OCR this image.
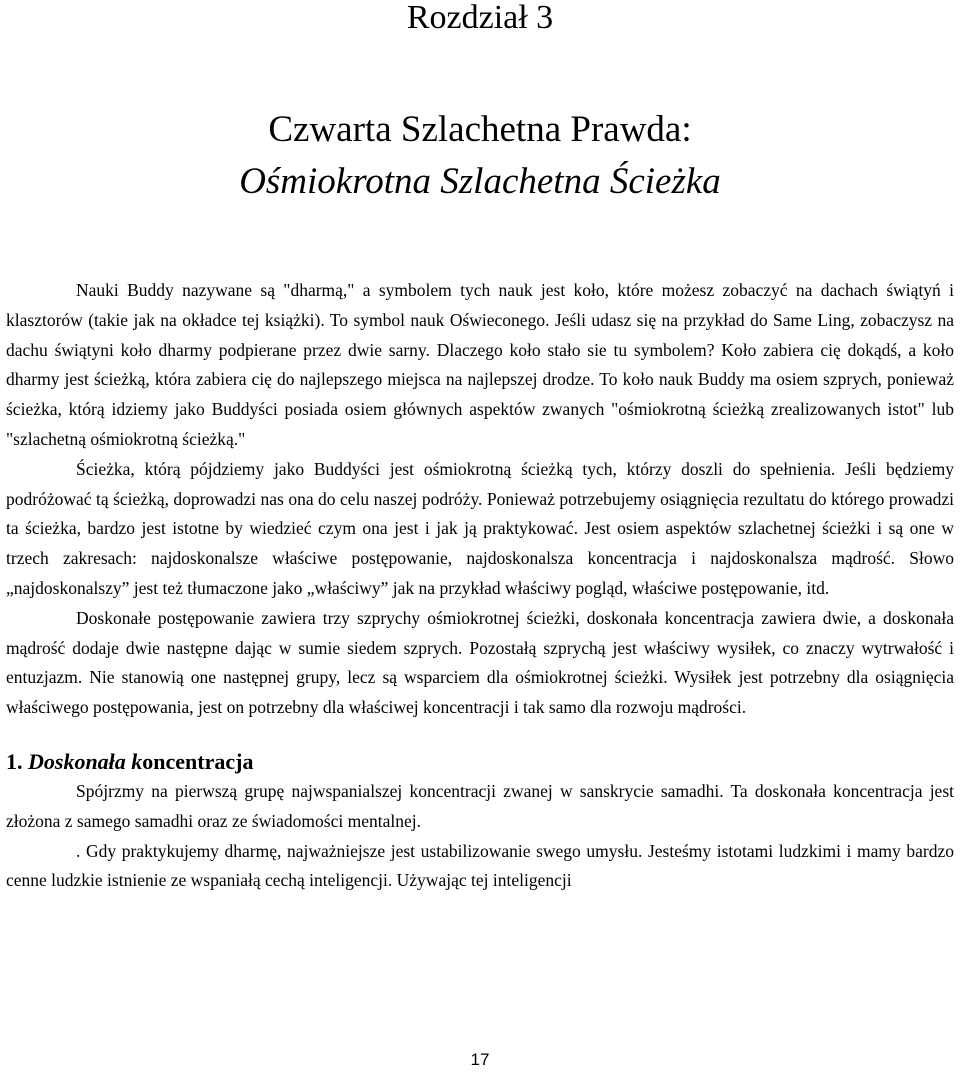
Rozdział 3
Czwarta Szlachetna Prawda:
Ośmiokrotna Szlachetna Ścieżka

Nauki Buddy nazywane są "dharmą," a symbolem tych nauk jest koło, które możesz zobaczyć na dachach świątyń i klasztorów (takie jak na okładce tej książki). To symbol nauk Oświeconego. Jeśli udasz się na przykład do Same Ling, zobaczysz na dachu świątyni koło dharmy podpierane przez dwie sarny. Dlaczego koło stało sie tu symbolem? Koło zabiera cię dokądś, a koło dharmy jest ścieżką, która zabiera cię do najlepszego miejsca na najlepszej drodze. To koło nauk Buddy ma osiem szprych, ponieważ ścieżka, którą idziemy jako Buddyści posiada osiem głównych aspektów zwanych "ośmiokrotną ścieżką zrealizowanych istot" lub "szlachetną ośmiokrotną ścieżką."

Ścieżka, którą pójdziemy jako Buddyści jest ośmiokrotną ścieżką tych, którzy doszli do spełnienia. Jeśli będziemy podróżować tą ścieżką, doprowadzi nas ona do celu naszej podróży. Ponieważ potrzebujemy osiągnięcia rezultatu do którego prowadzi ta ścieżka, bardzo jest istotne by wiedzieć czym ona jest i jak ją praktykować. Jest osiem aspektów szlachetnej ścieżki i są one w trzech zakresach: najdoskonalsze właściwe postępowanie, najdoskonalsza koncentracja i najdoskonalsza mądrość. Słowo „najdoskonalszy” jest też tłumaczone jako „właściwy” jak na przykład właściwy pogląd, właściwe postępowanie, itd.

Doskonałe postępowanie zawiera trzy szprychy ośmiokrotnej ścieżki, doskonała koncentracja zawiera dwie, a doskonała mądrość dodaje dwie następne dając w sumie siedem szprych. Pozostałą szprychą jest właściwy wysiłek, co znaczy wytrwałość i entuzjazm. Nie stanowią one następnej grupy, lecz są wsparciem dla ośmiokrotnej ścieżki. Wysiłek jest potrzebny dla osiągnięcia właściwego postępowania, jest on potrzebny dla właściwej koncentracji i tak samo dla rozwoju mądrości.

1. Doskonała koncentracja

Spójrzmy na pierwszą grupę najwspanialszej koncentracji zwanej w sanskrycie samadhi. Ta doskonała koncentracja jest złożona z samego samadhi oraz ze świadomości mentalnej.

. Gdy praktykujemy dharmę, najważniejsze jest ustabilizowanie swego umysłu. Jesteśmy istotami ludzkimi i mamy bardzo cenne ludzkie istnienie ze wspaniałą cechą inteligencji. Używając tej inteligencji

17
